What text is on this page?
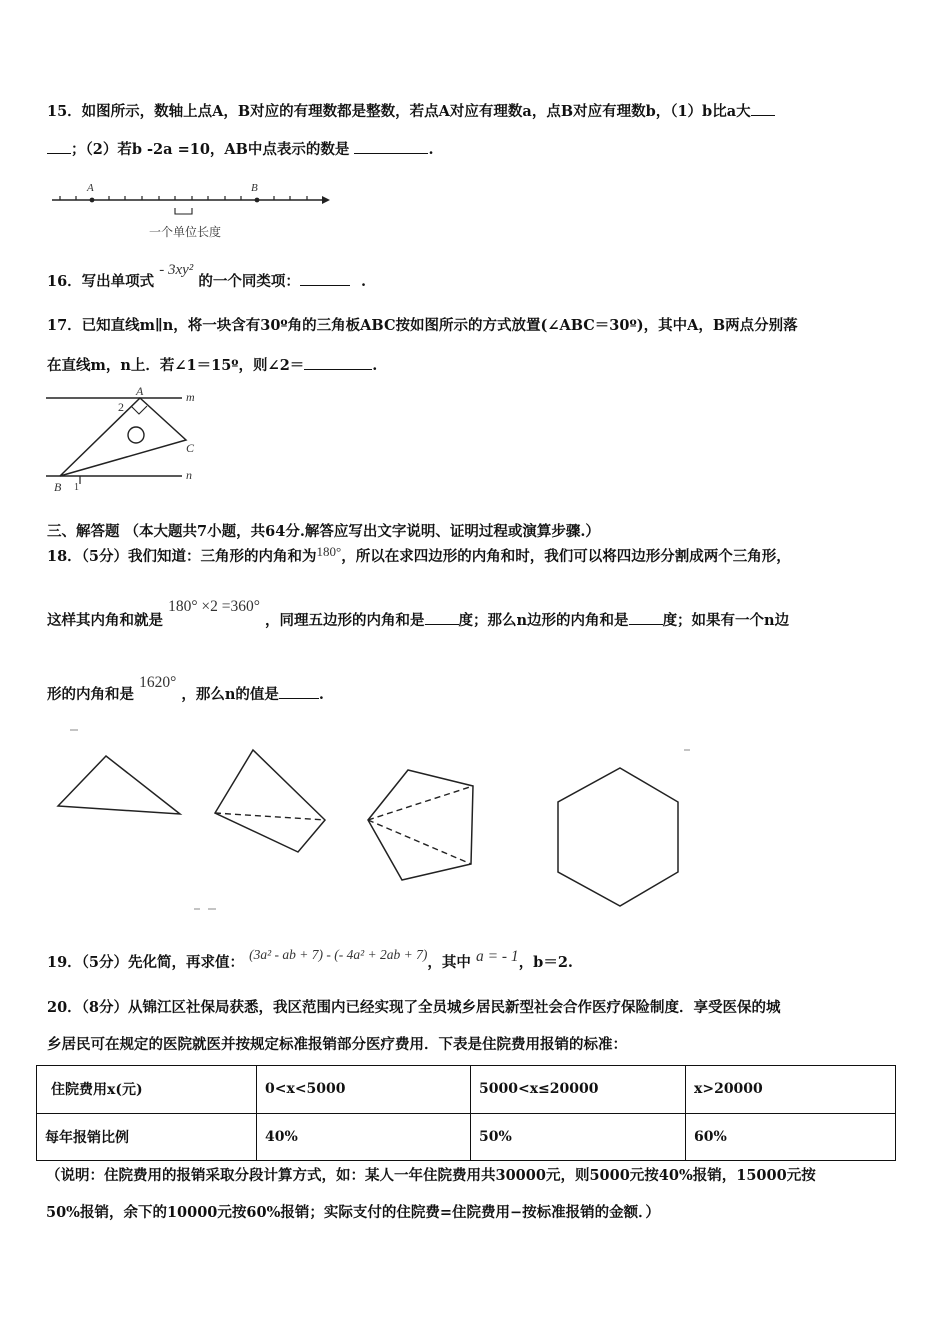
15．如图所示，数轴上点A，B对应的有理数都是整数，若点A对应有理数a，点B对应有理数b，（1）b比a大
；（2）若b -2a =10，AB中点表示的数是	.
A	B
一个单位长度
16．写出单项式 - 3xy² 的一个同类项：	.
17．已知直线m∥n，将一块含有30º角的三角板ABC按如图所示的方式放置(∠ABC＝30º)，其中A，B两点分别落
在直线m，n上．若∠1＝15º，则∠2＝	.
A	m
n
C
B
2
1
三、解答题 （本大题共7小题，共64分.解答应写出文字说明、证明过程或演算步骤.）
18．（5分）我们知道：三角形的内角和为180°，所以在求四边形的内角和时，我们可以将四边形分割成两个三角形，
这样其内角和就是 180° ×2 =360° ，同理五边形的内角和是 度；那么n边形的内角和是 度；如果有一个n边
形的内角和是 1620° ，那么n的值是	.
19．（5分）先化简，再求值： (3a² - ab + 7) - (- 4a² + 2ab + 7)，其中 a = - 1，b＝2.
20．（8分）从锦江区社保局获悉，我区范围内已经实现了全员城乡居民新型社会合作医疗保险制度．享受医保的城
乡居民可在规定的医院就医并按规定标准报销部分医疗费用．下表是住院费用报销的标准：
住院费用x(元)	0<x<5000	5000<x≤20000	x>20000
每年报销比例	40%	50%	60%
（说明：住院费用的报销采取分段计算方式，如：某人一年住院费用共30000元，则5000元按40%报销，15000元按
50%报销，余下的10000元按60%报销；实际支付的住院费=住院费用−按标准报销的金额．）
